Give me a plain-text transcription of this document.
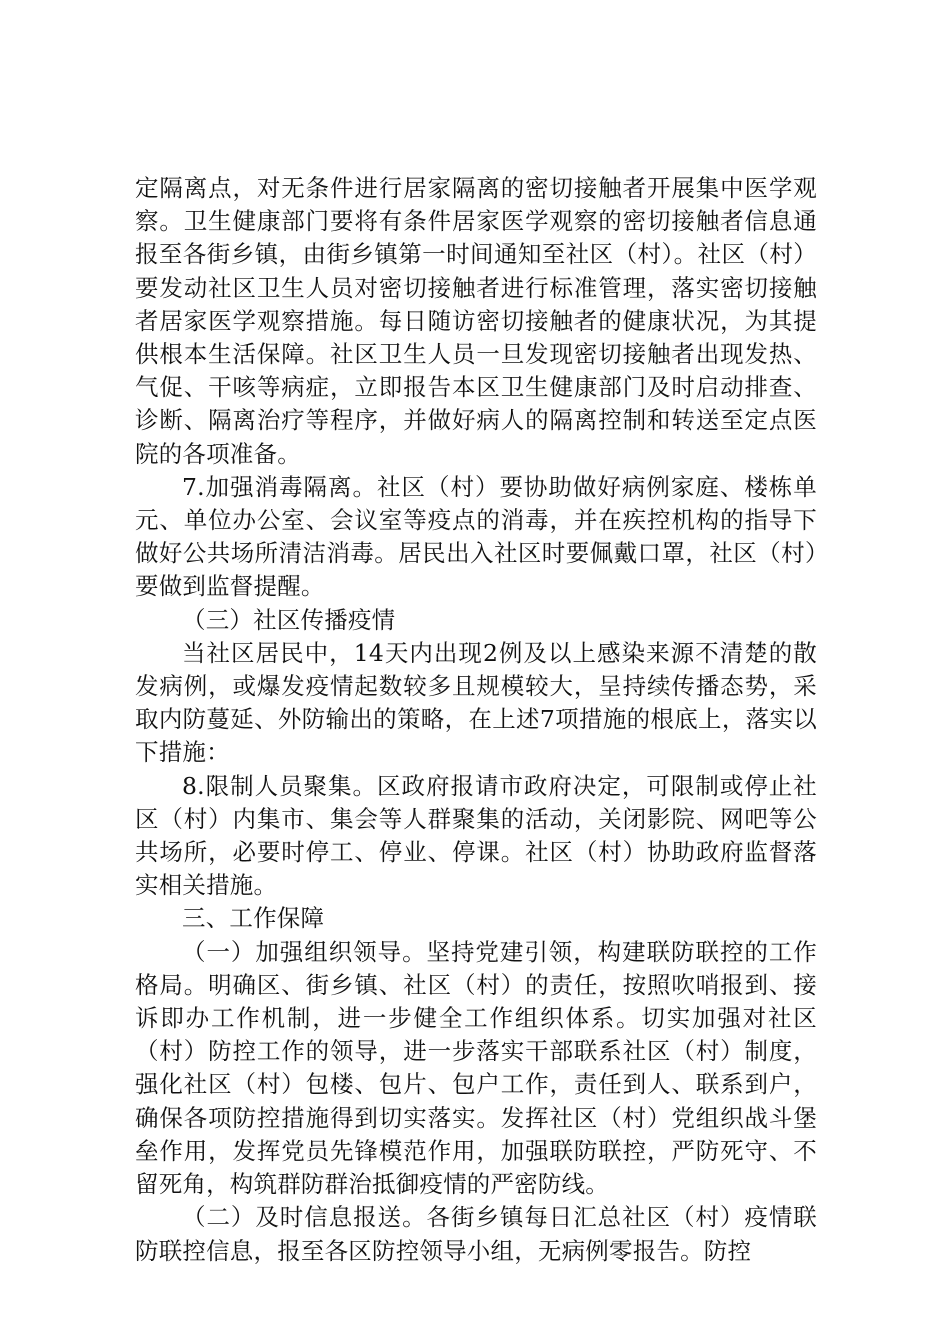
定隔离点，对无条件进行居家隔离的密切接触者开展集中医学观察。卫生健康部门要将有条件居家医学观察的密切接触者信息通报至各街乡镇，由街乡镇第一时间通知至社区（村）。社区（村）要发动社区卫生人员对密切接触者进行标准管理，落实密切接触者居家医学观察措施。每日随访密切接触者的健康状况，为其提供根本生活保障。社区卫生人员一旦发现密切接触者出现发热、气促、干咳等病症，立即报告本区卫生健康部门及时启动排查、诊断、隔离治疗等程序，并做好病人的隔离控制和转送至定点医院的各项准备。

7.加强消毒隔离。社区（村）要协助做好病例家庭、楼栋单元、单位办公室、会议室等疫点的消毒，并在疾控机构的指导下做好公共场所清洁消毒。居民出入社区时要佩戴口罩，社区（村）要做到监督提醒。

（三）社区传播疫情

当社区居民中，14天内出现2例及以上感染来源不清楚的散发病例，或爆发疫情起数较多且规模较大，呈持续传播态势，采取内防蔓延、外防输出的策略，在上述7项措施的根底上，落实以下措施：

8.限制人员聚集。区政府报请市政府决定，可限制或停止社区（村）内集市、集会等人群聚集的活动，关闭影院、网吧等公共场所，必要时停工、停业、停课。社区（村）协助政府监督落实相关措施。

三、工作保障

（一）加强组织领导。坚持党建引领，构建联防联控的工作格局。明确区、街乡镇、社区（村）的责任，按照吹哨报到、接诉即办工作机制，进一步健全工作组织体系。切实加强对社区（村）防控工作的领导，进一步落实干部联系社区（村）制度，强化社区（村）包楼、包片、包户工作，责任到人、联系到户，确保各项防控措施得到切实落实。发挥社区（村）党组织战斗堡垒作用，发挥党员先锋模范作用，加强联防联控，严防死守、不留死角，构筑群防群治抵御疫情的严密防线。

（二）及时信息报送。各街乡镇每日汇总社区（村）疫情联防联控信息，报至各区防控领导小组，无病例零报告。防控
